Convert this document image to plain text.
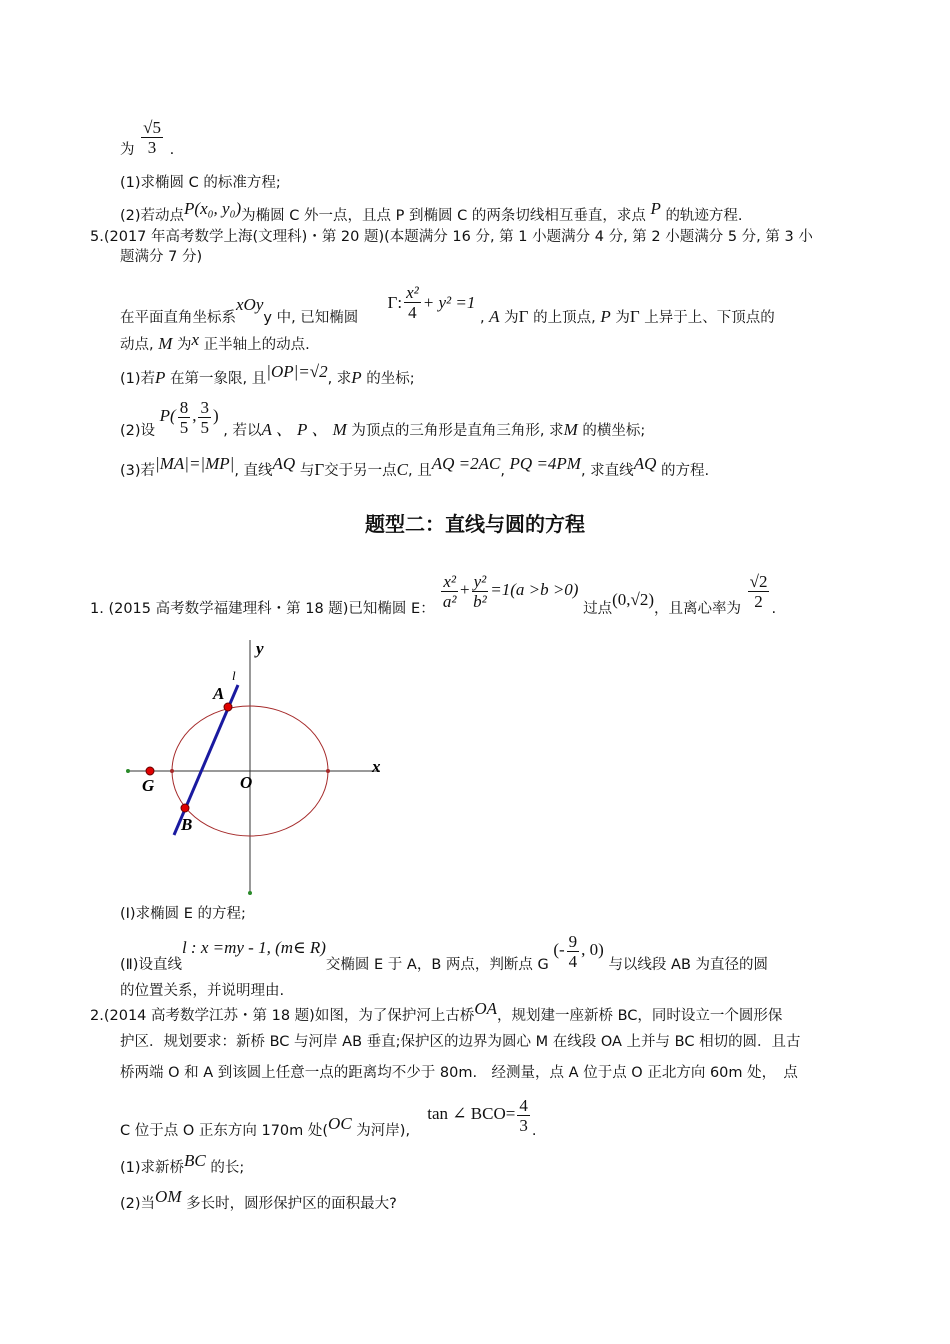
为 $\frac{√5}{3}$ .
(1)求椭圆 C 的标准方程;
(2)若动点P(x₀, y₀)为椭圆 C 外一点，且点 P 到椭圆 C 的两条切线相互垂直，求点 P 的轨迹方程.
5.(2017 年高考数学上海(文理科)・第 20 题)(本题满分 16 分, 第 1 小题满分 4 分, 第 2 小题满分 5 分, 第 3 小
题满分 7 分)
在平面直角坐标系xOyy 中, 已知椭圆  Γ: $\frac{\text{x²}}{4} + y^2 =1$ , A 为Γ 的上顶点, P 为Γ 上异于上、下顶点的
动点, M 为x 正半轴上的动点.
(1)若P 在第一象限, 且|OP|=√2, 求P 的坐标;
(2)设 $P( \frac{8}{5}$ , $\frac{3}{5}$ ) , 若以A 、 P 、 M 为顶点的三角形是直角三角形, 求M 的横坐标;
(3)若|MA|=|MP|, 直线AQ 与Γ交于另一点C, 且AQ =2AC, PQ =4PM, 求直线AQ 的方程.
题型二：直线与圆的方程
1. (2015 高考数学福建理科・第 18 题)已知椭圆 E： $\frac{\text{x²}}{\text{a²}} + \frac{\text{y²}}{\text{b²}} =1(a >b >0)$ 过点(0,√2)，且离心率为 $\frac{√2}{2}$ .
A
B
G	O
x
y
l
(Ⅰ)求椭圆 E 的方程;
(Ⅱ)设直线l : x =my - 1, (m∈ R)交椭圆 E 于 A，B 两点，判断点 G (- $\frac{9}{4}$ , 0) 与以线段 AB 为直径的圆
的位置关系，并说明理由.
2.(2014 高考数学江苏・第 18 题)如图，为了保护河上古桥OA，规划建一座新桥 BC，同时设立一个圆形保
护区．规划要求：新桥 BC 与河岸 AB 垂直;保护区的边界为圆心 M 在线段 OA 上并与 BC 相切的圆．且古
桥两端 O 和 A 到该圆上任意一点的距离均不少于 80m.　经测量，点 A 位于点 O 正北方向 60m 处，　点
C 位于点 O 正东方向 170m 处(OC 为河岸),  tan ∠ $BCO= \frac{4}{3}$ .
(1)求新桥BC 的长;
(2)当OM 多长时，圆形保护区的面积最大?
